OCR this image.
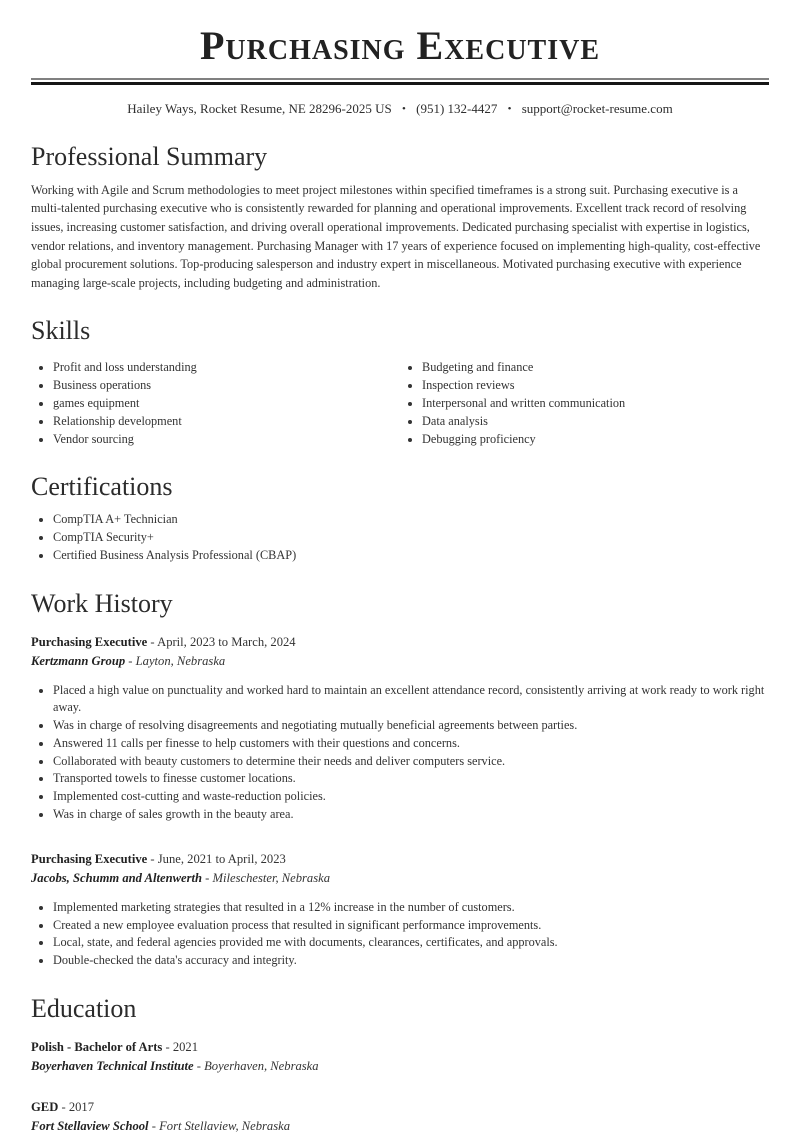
Purchasing Executive

Hailey Ways, Rocket Resume, NE 28296-2025 US • (951) 132-4427 • support@rocket-resume.com

Professional Summary

Working with Agile and Scrum methodologies to meet project milestones within specified timeframes is a strong suit. Purchasing executive is a multi-talented purchasing executive who is consistently rewarded for planning and operational improvements. Excellent track record of resolving issues, increasing customer satisfaction, and driving overall operational improvements. Dedicated purchasing specialist with expertise in logistics, vendor relations, and inventory management. Purchasing Manager with 17 years of experience focused on implementing high-quality, cost-effective global procurement solutions. Top-producing salesperson and industry expert in miscellaneous. Motivated purchasing executive with experience managing large-scale projects, including budgeting and administration.

Skills
• Profit and loss understanding
• Business operations
• games equipment
• Relationship development
• Vendor sourcing
• Budgeting and finance
• Inspection reviews
• Interpersonal and written communication
• Data analysis
• Debugging proficiency
Certifications
• CompTIA A+ Technician
• CompTIA Security+
• Certified Business Analysis Professional (CBAP)
Work History

Purchasing Executive - April, 2023 to March, 2024

Kertzmann Group - Layton, Nebraska

• Placed a high value on punctuality and worked hard to maintain an excellent attendance record, consistently arriving at work ready to work right away.
• Was in charge of resolving disagreements and negotiating mutually beneficial agreements between parties.
• Answered 11 calls per finesse to help customers with their questions and concerns.
• Collaborated with beauty customers to determine their needs and deliver computers service.
• Transported towels to finesse customer locations.
• Implemented cost-cutting and waste-reduction policies.
• Was in charge of sales growth in the beauty area.

Purchasing Executive - June, 2021 to April, 2023

Jacobs, Schumm and Altenwerth - Mileschester, Nebraska

• Implemented marketing strategies that resulted in a 12% increase in the number of customers.
• Created a new employee evaluation process that resulted in significant performance improvements.
• Local, state, and federal agencies provided me with documents, clearances, certificates, and approvals.
• Double-checked the data's accuracy and integrity.
Education

Polish - Bachelor of Arts - 2021

Boyerhaven Technical Institute - Boyerhaven, Nebraska

GED - 2017

Fort Stellaview School - Fort Stellaview, Nebraska
